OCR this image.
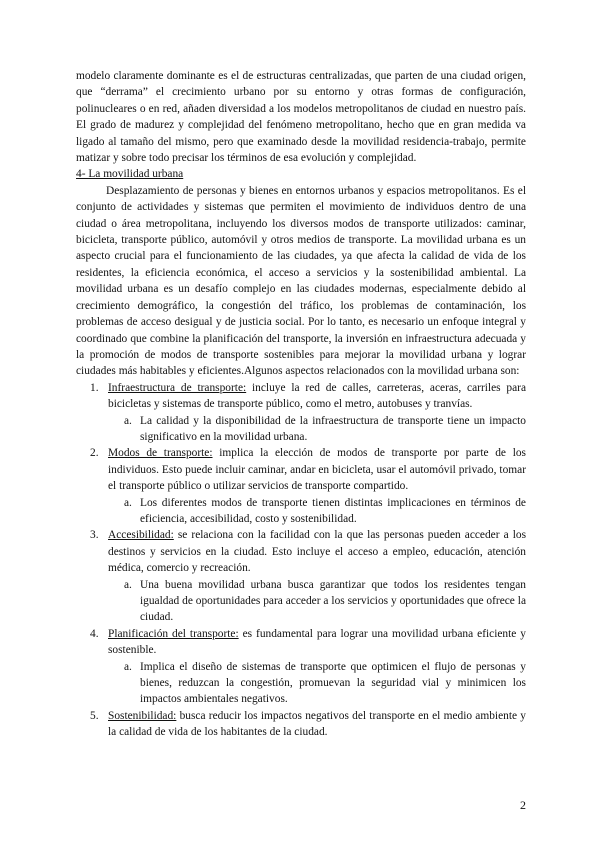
modelo claramente dominante es el de estructuras centralizadas, que parten de una ciudad origen, que “derrama” el crecimiento urbano por su entorno y otras formas de configuración, polinucleares o en red, añaden diversidad a los modelos metropolitanos de ciudad en nuestro país. El grado de madurez y complejidad del fenómeno metropolitano, hecho que en gran medida va ligado al tamaño del mismo, pero que examinado desde la movilidad residencia-trabajo, permite matizar y sobre todo precisar los términos de esa evolución y complejidad.

4- La movilidad urbana

Desplazamiento de personas y bienes en entornos urbanos y espacios metropolitanos. Es el conjunto de actividades y sistemas que permiten el movimiento de individuos dentro de una ciudad o área metropolitana, incluyendo los diversos modos de transporte utilizados: caminar, bicicleta, transporte público, automóvil y otros medios de transporte. La movilidad urbana es un aspecto crucial para el funcionamiento de las ciudades, ya que afecta la calidad de vida de los residentes, la eficiencia económica, el acceso a servicios y la sostenibilidad ambiental. La movilidad urbana es un desafío complejo en las ciudades modernas, especialmente debido al crecimiento demográfico, la congestión del tráfico, los problemas de contaminación, los problemas de acceso desigual y de justicia social. Por lo tanto, es necesario un enfoque integral y coordinado que combine la planificación del transporte, la inversión en infraestructura adecuada y la promoción de modos de transporte sostenibles para mejorar la movilidad urbana y lograr ciudades más habitables y eficientes.Algunos aspectos relacionados con la movilidad urbana son:

1. Infraestructura de transporte: incluye la red de calles, carreteras, aceras, carriles para bicicletas y sistemas de transporte público, como el metro, autobuses y tranvías.
a. La calidad y la disponibilidad de la infraestructura de transporte tiene un impacto significativo en la movilidad urbana.
2. Modos de transporte: implica la elección de modos de transporte por parte de los individuos. Esto puede incluir caminar, andar en bicicleta, usar el automóvil privado, tomar el transporte público o utilizar servicios de transporte compartido.
a. Los diferentes modos de transporte tienen distintas implicaciones en términos de eficiencia, accesibilidad, costo y sostenibilidad.
3. Accesibilidad: se relaciona con la facilidad con la que las personas pueden acceder a los destinos y servicios en la ciudad. Esto incluye el acceso a empleo, educación, atención médica, comercio y recreación.
a. Una buena movilidad urbana busca garantizar que todos los residentes tengan igualdad de oportunidades para acceder a los servicios y oportunidades que ofrece la ciudad.
4. Planificación del transporte: es fundamental para lograr una movilidad urbana eficiente y sostenible.
a. Implica el diseño de sistemas de transporte que optimicen el flujo de personas y bienes, reduzcan la congestión, promuevan la seguridad vial y minimicen los impactos ambientales negativos.
5. Sostenibilidad: busca reducir los impactos negativos del transporte en el medio ambiente y la calidad de vida de los habitantes de la ciudad.
2
